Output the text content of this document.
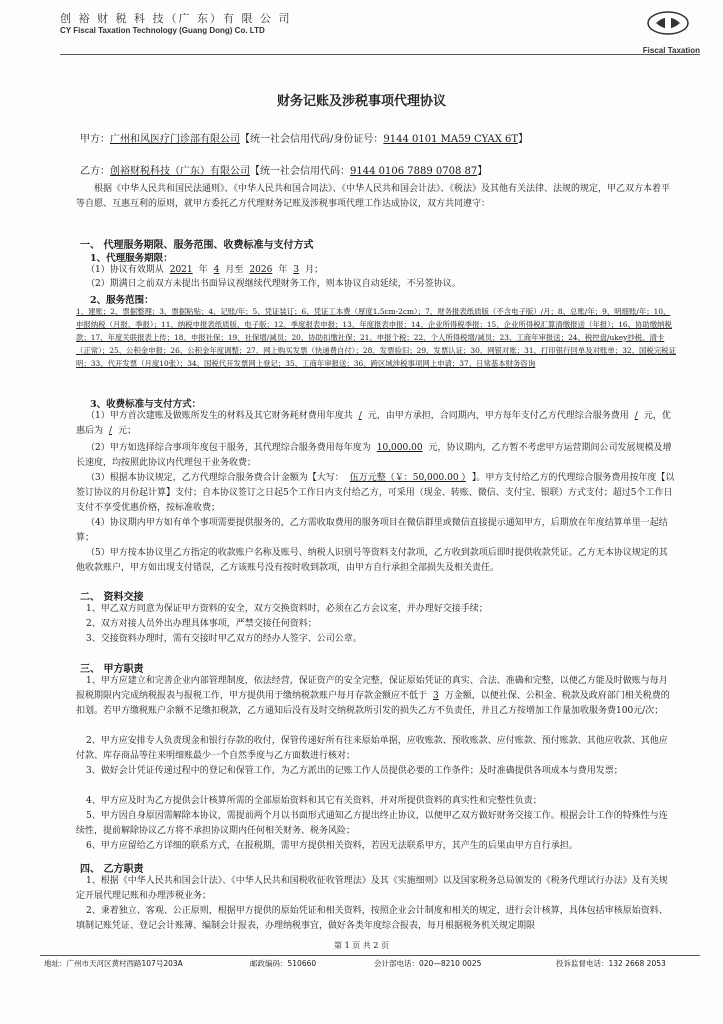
创 裕 财 税 科 技（广 东）有 限 公 司
CY Fiscal Taxation Technology (Guang Dong) Co. LTD
Fiscal Taxation
财务记账及涉税事项代理协议
甲方：广州和风医疗门诊部有限公司【统一社会信用代码/身份证号：9144 0101 MA59 CYAX 6T】
乙方：创裕财税科技（广东）有限公司【统一社会信用代码：9144 0106 7889 0708 87】
根据《中华人民共和国民法通则》、《中华人民共和国合同法》、《中华人民共和国会计法》、《税法》及其他有关法律、法规的规定，甲乙双方本着平等自愿、互惠互利的原则，就甲方委托乙方代理财务记账及涉税事项代理工作达成协议，双方共同遵守：
一、 代理服务期限、服务范围、收费标准与支付方式
1、代理服务期限：
（1）协议有效期从 2021 年 4 月至 2026 年 3 月；
（2）期满日之前双方未提出书面异议视继续代理财务工作，则本协议自动延续，不另签协议。
2、服务范围：
1、建账；2、票据整理；3、票据粘贴；4、记账/年；5、凭证装订；6、凭证工本费（厚度1.5cm-2cm）；7、财务报表纸质版（不含电子版）/月；8、总账/年；9、明细账/年；10、申报纳税（月报、季报）；11、纳税申报表纸质版、电子版；12、季度报表申报；13、年度报表申报；14、企业所得税季报；15、企业所得税汇算清缴报送（年报）；16、协助缴纳税款；17、年度关联报表上传；18、申报社保；19、社保增/减员；20、协助扣缴社保；21、申报个税；22、个人所得税增/减员；23、工商年审报送；24、税控盘/ukey抄税、清卡（正常）；25、公积金申报；26、公积金年度调整；27、网上购买发票（快递费自付）；28、发票验旧；29、发票认证；30、网银对账；31、打印银行回单及对账单；32、国税完税证明；33、代开发票（月度10张）；34、国税代开发票网上登记；35、工商年审报送；36、跨区域涉税事项网上申请；37、日常基本财务咨询
3、收费标准与支付方式：
（1）甲方首次建账及做账所发生的材料及其它财务耗材费用年度共 / 元，由甲方承担，合同期内，甲方每年支付乙方代理综合服务费用 / 元，优惠后为 / 元；
（2）甲方如选择综合事项年度包干服务，其代理综合服务费用每年度为 10,000.00 元，协议期内，乙方暂不考虑甲方运营期间公司发展规模及增长速度，均按照此协议内代理包干业务收费；
（3）根据本协议规定，乙方代理综合服务费合计金额为【大写： 伍万元整（￥：50,000.00 ） 】。甲方支付给乙方的代理综合服务费用按年度【以签订协议的月份起计算】支付；自本协议签订之日起5个工作日内支付给乙方，可采用（现金、转账、微信、支付宝、银联）方式支付；超过5个工作日支付不享受优惠价格，按标准收费；
（4）协议期内甲方如有单个事项需要提供服务的，乙方需收取费用的服务项目在微信群里或微信直接提示通知甲方，后期放在年度结算单里一起结算；
（5）甲方按本协议里乙方指定的收款账户名称及账号、纳税人识别号等资料支付款项，乙方收到款项后即时提供收款凭证。乙方无本协议规定的其他收款账户，甲方如出现支付错误，乙方该账号没有按时收到款项，由甲方自行承担全部损失及相关责任。
二、 资料交接
1、甲乙双方同意为保证甲方资料的安全，双方交换资料时，必须在乙方会议室，并办理好交接手续；
2、双方对接人员外出办理具体事项，严禁交接任何资料；
3、交接资料办理时，需有交接时甲乙双方的经办人签字、公司公章。
三、 甲方职责
1、甲方应建立和完善企业内部管理制度，依法经营，保证资产的安全完整，保证原始凭证的真实、合法、准确和完整，以便乙方能及时做账与每月报税期限内完成纳税报表与报税工作，甲方提供用于缴纳税款账户每月存款金额应不低于 3 万金额，以便社保、公积金、税款及政府部门相关税费的扣划。若甲方缴税账户余额不足缴扣税款，乙方通知后没有及时交纳税款所引发的损失乙方不负责任，并且乙方按增加工作量加收服务费100元/次；
2、甲方应安排专人负责现金和银行存款的收付，保管传递好所有往来原始单据，应收账款、预收账款、应付账款、预付账款、其他应收款、其他应付款、库存商品等往来明细账最少一个自然季度与乙方面数进行核对；
3、做好会计凭证传递过程中的登记和保管工作，为乙方派出的记账工作人员提供必要的工作条件；及时准确提供各项成本与费用发票；
4、甲方应及时为乙方提供会计核算所需的全部原始资料和其它有关资料，并对所提供资料的真实性和完整性负责；
5、甲方因自身原因需解除本协议，需提前两个月以书面形式通知乙方提出终止协议，以便甲乙双方做好财务交接工作。根据会计工作的特殊性与连续性，提前解除协议乙方将不承担协议期内任何相关财务、税务风险；
6、甲方应留给乙方详细的联系方式，在报税期，需甲方提供相关资料，若因无法联系甲方，其产生的后果由甲方自行承担。
四、 乙方职责
1、根据《中华人民共和国会计法》、《中华人民共和国税收征收管理法》及其《实施细则》以及国家税务总局颁发的《税务代理试行办法》及有关规定开展代理记账和办理涉税业务；
2、秉着独立、客观、公正原则，根据甲方提供的原始凭证和相关资料，按照企业会计制度和相关的规定，进行会计核算，具体包括审核原始资料、填制记账凭证、登记会计账簿、编制会计报表，办理纳税事宜，做好各类年度综合报表，每月根据税务机关规定期限
第 1 页 共 2 页
地址：广州市天河区黄村西路107号203A	邮政编码：510660	会计部电话：020—8210 0025	投诉监督电话：132 2668 2053
